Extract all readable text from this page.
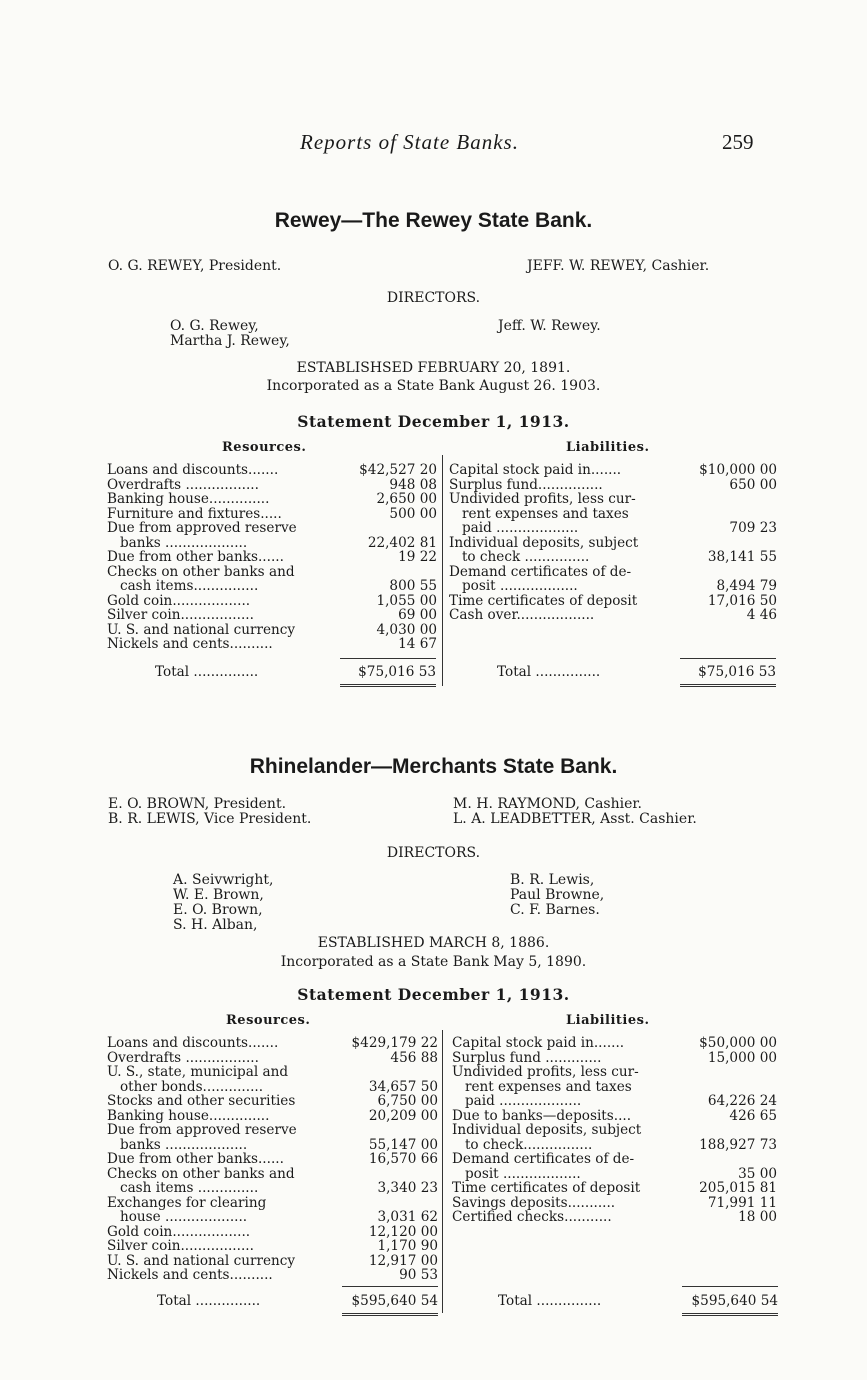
Reports of State Banks.	259
Rewey—The Rewey State Bank.
O. G. REWEY, President.	JEFF. W. REWEY, Cashier.
DIRECTORS.
O. G. Rewey,
Martha J. Rewey,
Jeff. W. Rewey.
ESTABLISHSED FEBRUARY 20, 1891.
Incorporated as a State Bank August 26. 1903.
Statement December 1, 1913.
Resources.	Liabilities.
Loans and discounts.......	$42,527 20
Overdrafts .................	948 08
Banking house..............	2,650 00
Furniture and fixtures.....	500 00
Due from approved reserve
banks ...................	22,402 81
Due from other banks......	19 22
Checks on other banks and
cash items...............	800 55
Gold coin..................	1,055 00
Silver coin.................	69 00
U. S. and national currency	4,030 00
Nickels and cents..........	14 67
Capital stock paid in.......	$10,000 00
Surplus fund...............	650 00
Undivided profits, less cur-
rent expenses and taxes
paid ...................	709 23
Individual deposits, subject
to check ...............	38,141 55
Demand certificates of de-
posit ..................	8,494 79
Time certificates of deposit	17,016 50
Cash over..................	4 46
Total ...............	$75,016 53	Total ...............	$75,016 53
Rhinelander—Merchants State Bank.
E. O. BROWN, President.
B. R. LEWIS, Vice President.
M. H. RAYMOND, Cashier.
L. A. LEADBETTER, Asst. Cashier.
DIRECTORS.
A. Seivwright,
W. E. Brown,
E. O. Brown,
S. H. Alban,
B. R. Lewis,
Paul Browne,
C. F. Barnes.
ESTABLISHED MARCH 8, 1886.
Incorporated as a State Bank May 5, 1890.
Statement December 1, 1913.
Resources.	Liabilities.
Loans and discounts.......	$429,179 22
Overdrafts .................	456 88
U. S., state, municipal and
other bonds..............	34,657 50
Stocks and other securities	6,750 00
Banking house..............	20,209 00
Due from approved reserve
banks ...................	55,147 00
Due from other banks......	16,570 66
Checks on other banks and
cash items ..............	3,340 23
Exchanges for clearing
house ...................	3,031 62
Gold coin..................	12,120 00
Silver coin.................	1,170 90
U. S. and national currency	12,917 00
Nickels and cents..........	90 53
Capital stock paid in.......	$50,000 00
Surplus fund .............	15,000 00
Undivided profits, less cur-
rent expenses and taxes
paid ...................	64,226 24
Due to banks—deposits....	426 65
Individual deposits, subject
to check................	188,927 73
Demand certificates of de-
posit ..................	35 00
Time certificates of deposit	205,015 81
Savings deposits...........	71,991 11
Certified checks...........	18 00
Total ...............	$595,640 54	Total ...............	$595,640 54
